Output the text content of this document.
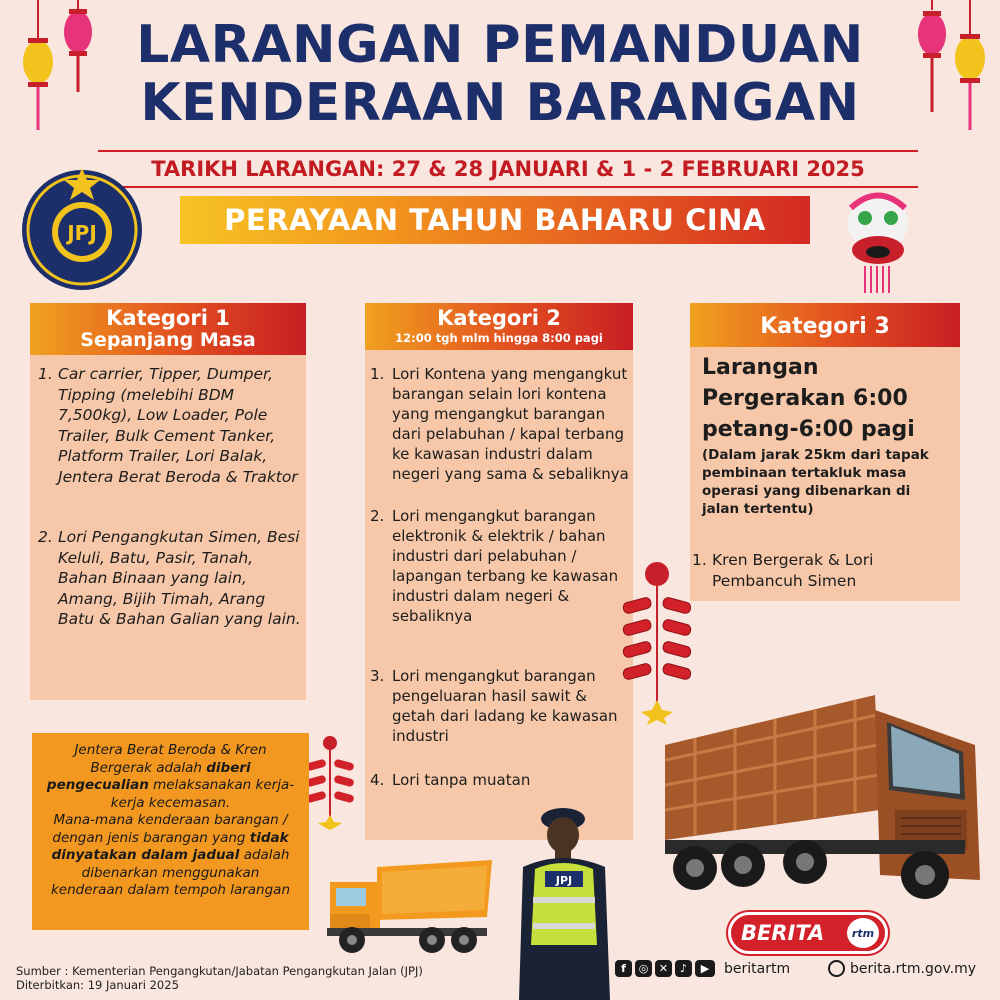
LARANGAN PEMANDUAN
KENDERAAN BARANGAN
TARIKH LARANGAN: 27 & 28 JANUARI & 1 - 2 FEBRUARI 2025
PERAYAAN TAHUN BAHARU CINA
JPJ
Kategori 1
Sepanjang Masa
1. Car carrier, Tipper, Dumper, Tipping (melebihi BDM 7,500kg), Low Loader, Pole Trailer, Bulk Cement Tanker, Platform Trailer, Lori Balak, Jentera Berat Beroda & Traktor
2. Lori Pengangkutan Simen, Besi Keluli, Batu, Pasir, Tanah, Bahan Binaan yang lain, Amang, Bijih Timah, Arang Batu & Bahan Galian yang lain.
Kategori 2
12:00 tgh mlm hingga 8:00 pagi
1. Lori Kontena yang mengangkut barangan selain lori kontena yang mengangkut barangan dari pelabuhan / kapal terbang ke kawasan industri dalam negeri yang sama & sebaliknya
2. Lori mengangkut barangan elektronik & elektrik / bahan industri dari pelabuhan / lapangan terbang ke kawasan industri dalam negeri & sebaliknya
3. Lori mengangkut barangan pengeluaran hasil sawit & getah dari ladang ke kawasan industri
4. Lori tanpa muatan
Kategori 3
Larangan Pergerakan 6:00 petang-6:00 pagi
(Dalam jarak 25km dari tapak pembinaan tertakluk masa operasi yang dibenarkan di jalan tertentu)
1. Kren Bergerak & Lori Pembancuh Simen

Jentera Berat Beroda & Kren Bergerak adalah diberi pengecualian melaksanakan kerja-kerja kecemasan.

Mana-mana kenderaan barangan / dengan jenis barangan yang tidak dinyatakan dalam jadual adalah dibenarkan menggunakan kenderaan dalam tempoh larangan

JPJ
BERITA	rtm
Sumber : Kementerian Pengangkutan/Jabatan Pengangkutan Jalan (JPJ)
Diterbitkan: 19 Januari 2025
f	◎ ✕	♪	▶	beritartm	berita.rtm.gov.my
